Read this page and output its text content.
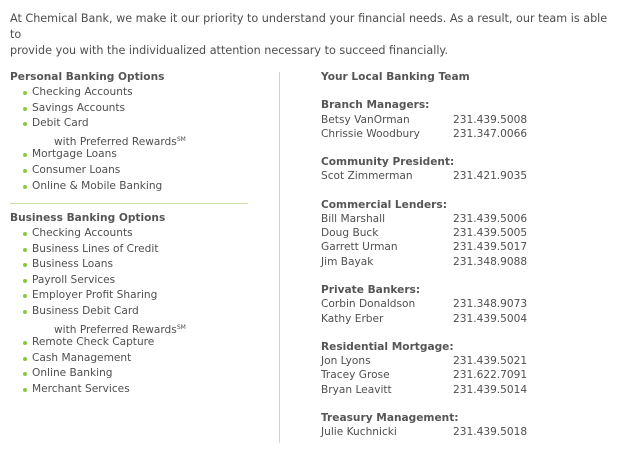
At Chemical Bank, we make it our priority to understand your financial needs. As a result, our team is able to

provide you with the individualized attention necessary to succeed financially.

Personal Banking Options
Checking Accounts
Savings Accounts
Debit Card
with Preferred Rewards℠
Mortgage Loans
Consumer Loans
Online & Mobile Banking
Business Banking Options
Checking Accounts
Business Lines of Credit
Business Loans
Payroll Services
Employer Profit Sharing
Business Debit Card
with Preferred Rewards℠
Remote Check Capture
Cash Management
Online Banking
Merchant Services
Your Local Banking Team
Branch Managers:
Betsy VanOrman	231.439.5008
Chrissie Woodbury	231.347.0066
Community President:
Scot Zimmerman	231.421.9035
Commercial Lenders:
Bill Marshall	231.439.5006
Doug Buck	231.439.5005
Garrett Urman	231.439.5017
Jim Bayak	231.348.9088
Private Bankers:
Corbin Donaldson	231.348.9073
Kathy Erber	231.439.5004
Residential Mortgage:
Jon Lyons	231.439.5021
Tracey Grose	231.622.7091
Bryan Leavitt	231.439.5014
Treasury Management:
Julie Kuchnicki	231.439.5018
